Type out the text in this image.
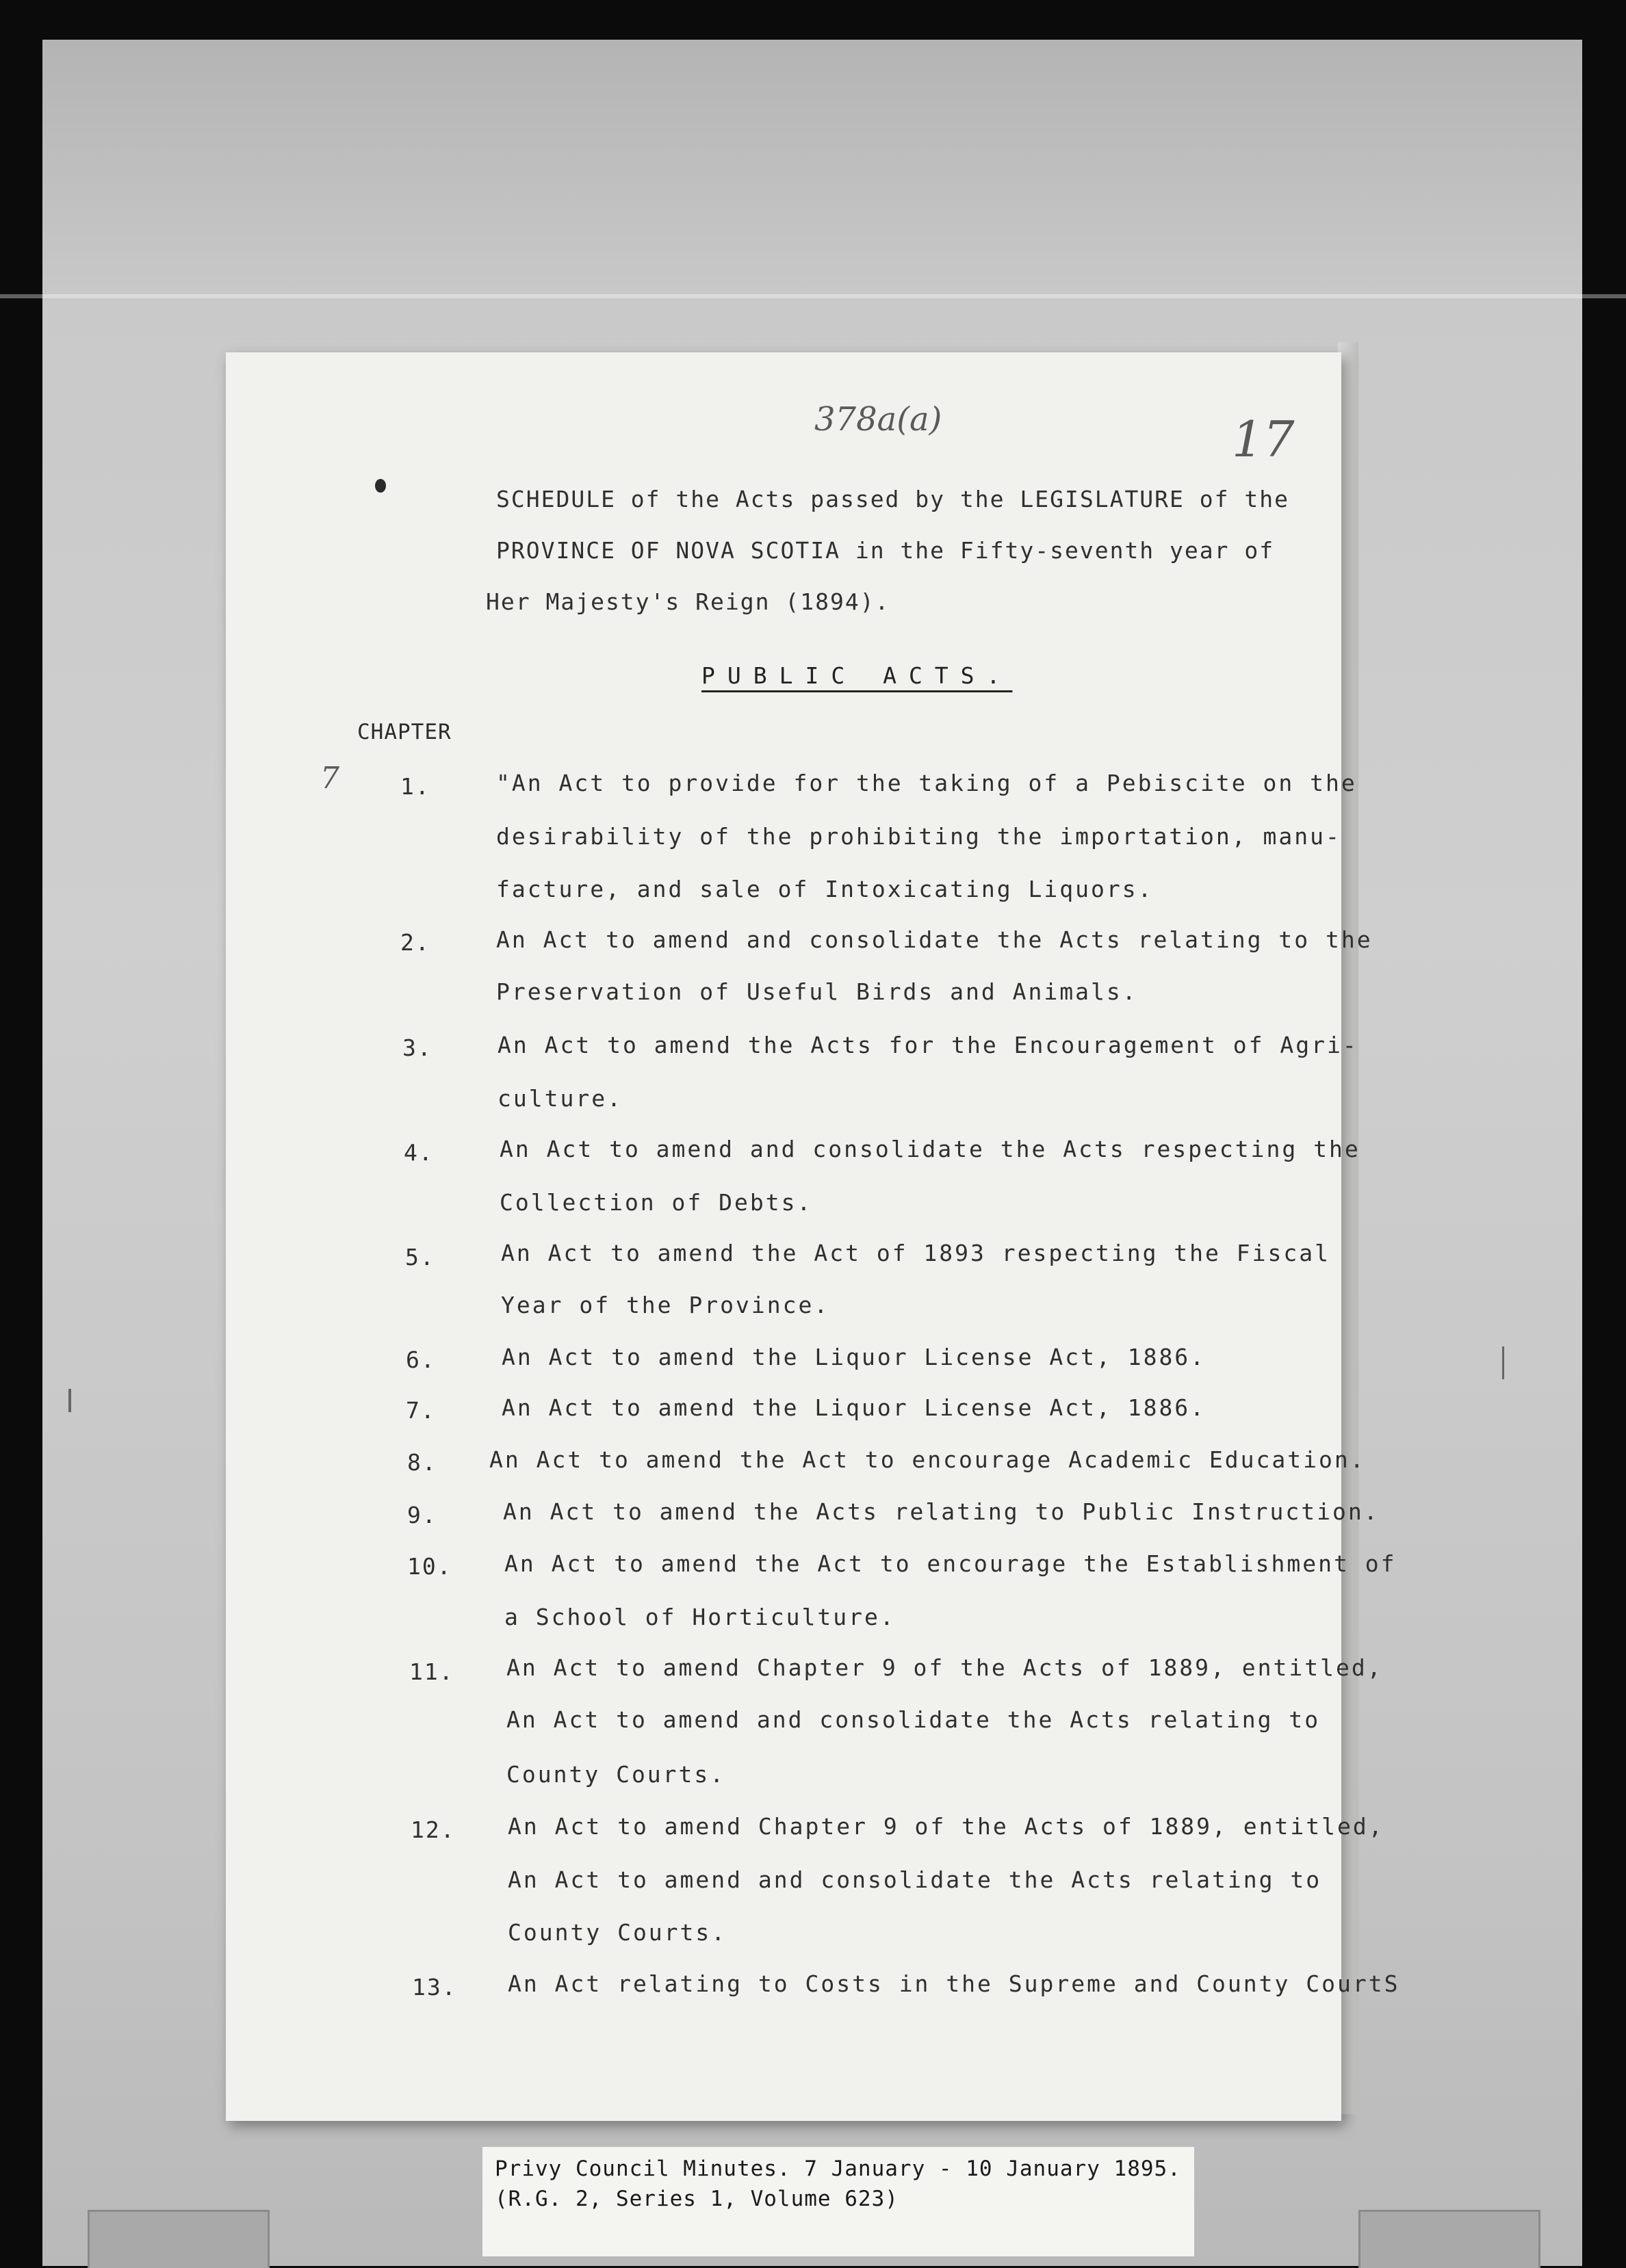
378a(a)	17
7
SCHEDULE of the Acts passed by the LEGISLATURE of the
PROVINCE OF NOVA SCOTIA in the Fifty-seventh year of
Her Majesty's Reign (1894).
PUBLIC ACTS.
CHAPTER
1.	"An Act to provide for the taking of a Pebiscite on the
desirability of the prohibiting the importation, manu-
facture, and sale of Intoxicating Liquors.
2.	An Act to amend and consolidate the Acts relating to the
Preservation of Useful Birds and Animals.
3.	An Act to amend the Acts for the Encouragement of Agri-
culture.
4.	An Act to amend and consolidate the Acts respecting the
Collection of Debts.
5.	An Act to amend the Act of 1893 respecting the Fiscal
Year of the Province.
6.	An Act to amend the Liquor License Act, 1886.
7.	An Act to amend the Liquor License Act, 1886.
8. An Act to amend the Act to encourage Academic Education.
9.	An Act to amend the Acts relating to Public Instruction.
10. An Act to amend the Act to encourage the Establishment of
a School of Horticulture.
11. An Act to amend Chapter 9 of the Acts of 1889, entitled,
An Act to amend and consolidate the Acts relating to
County Courts.
12. An Act to amend Chapter 9 of the Acts of 1889, entitled,
An Act to amend and consolidate the Acts relating to
County Courts.
13. An Act relating to Costs in the Supreme and County CourtS
Privy Council Minutes. 7 January - 10 January 1895.
(R.G. 2, Series 1, Volume 623)
